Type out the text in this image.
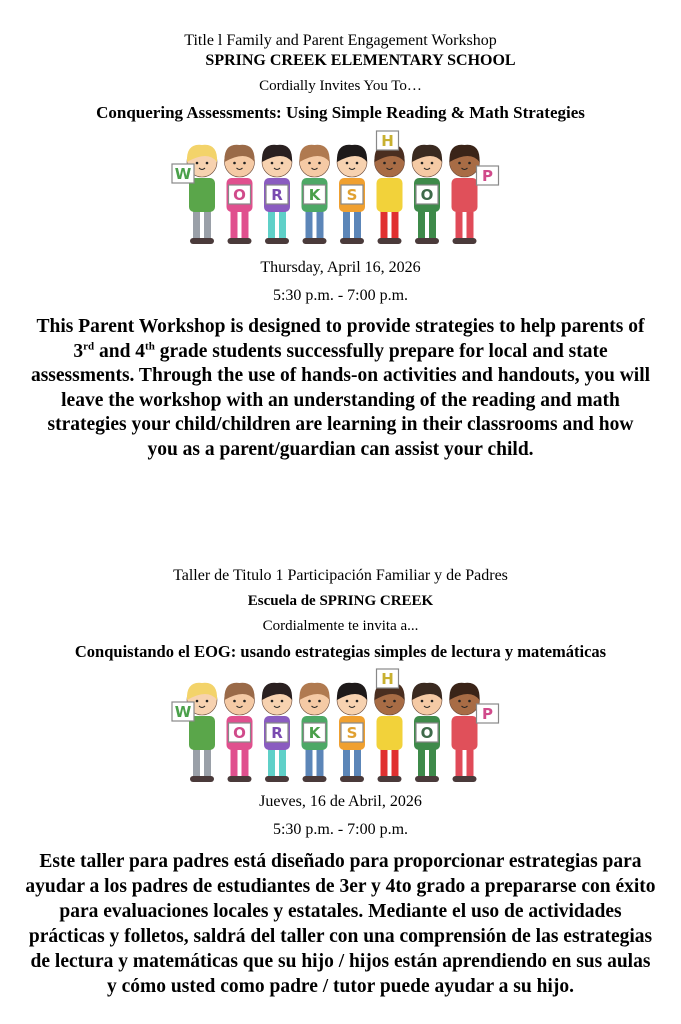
Title l Family and Parent Engagement Workshop
SPRING CREEK ELEMENTARY SCHOOL
Cordially Invites You To…
Conquering Assessments: Using Simple Reading & Math Strategies
W
O R K S
H
O
P
Thursday, April 16, 2026
5:30 p.m. - 7:00 p.m.
This Parent Workshop is designed to provide strategies to help parents of 3rd and 4th grade students successfully prepare for local and state assessments. Through the use of hands-on activities and handouts, you will leave the workshop with an understanding of the reading and math strategies your child/children are learning in their classrooms and how you as a parent/guardian can assist your child.
Taller de Titulo 1 Participación Familiar y de Padres
Escuela de SPRING CREEK
Cordialmente te invita a...
Conquistando el EOG: usando estrategias simples de lectura y matemáticas
W
O R K S
H
O
P
Jueves, 16 de Abril, 2026
5:30 p.m. - 7:00 p.m.
Este taller para padres está diseñado para proporcionar estrategias para ayudar a los padres de estudiantes de 3er y 4to grado a prepararse con éxito para evaluaciones locales y estatales. Mediante el uso de actividades prácticas y folletos, saldrá del taller con una comprensión de las estrategias de lectura y matemáticas que su hijo / hijos están aprendiendo en sus aulas y cómo usted como padre / tutor puede ayudar a su hijo.
